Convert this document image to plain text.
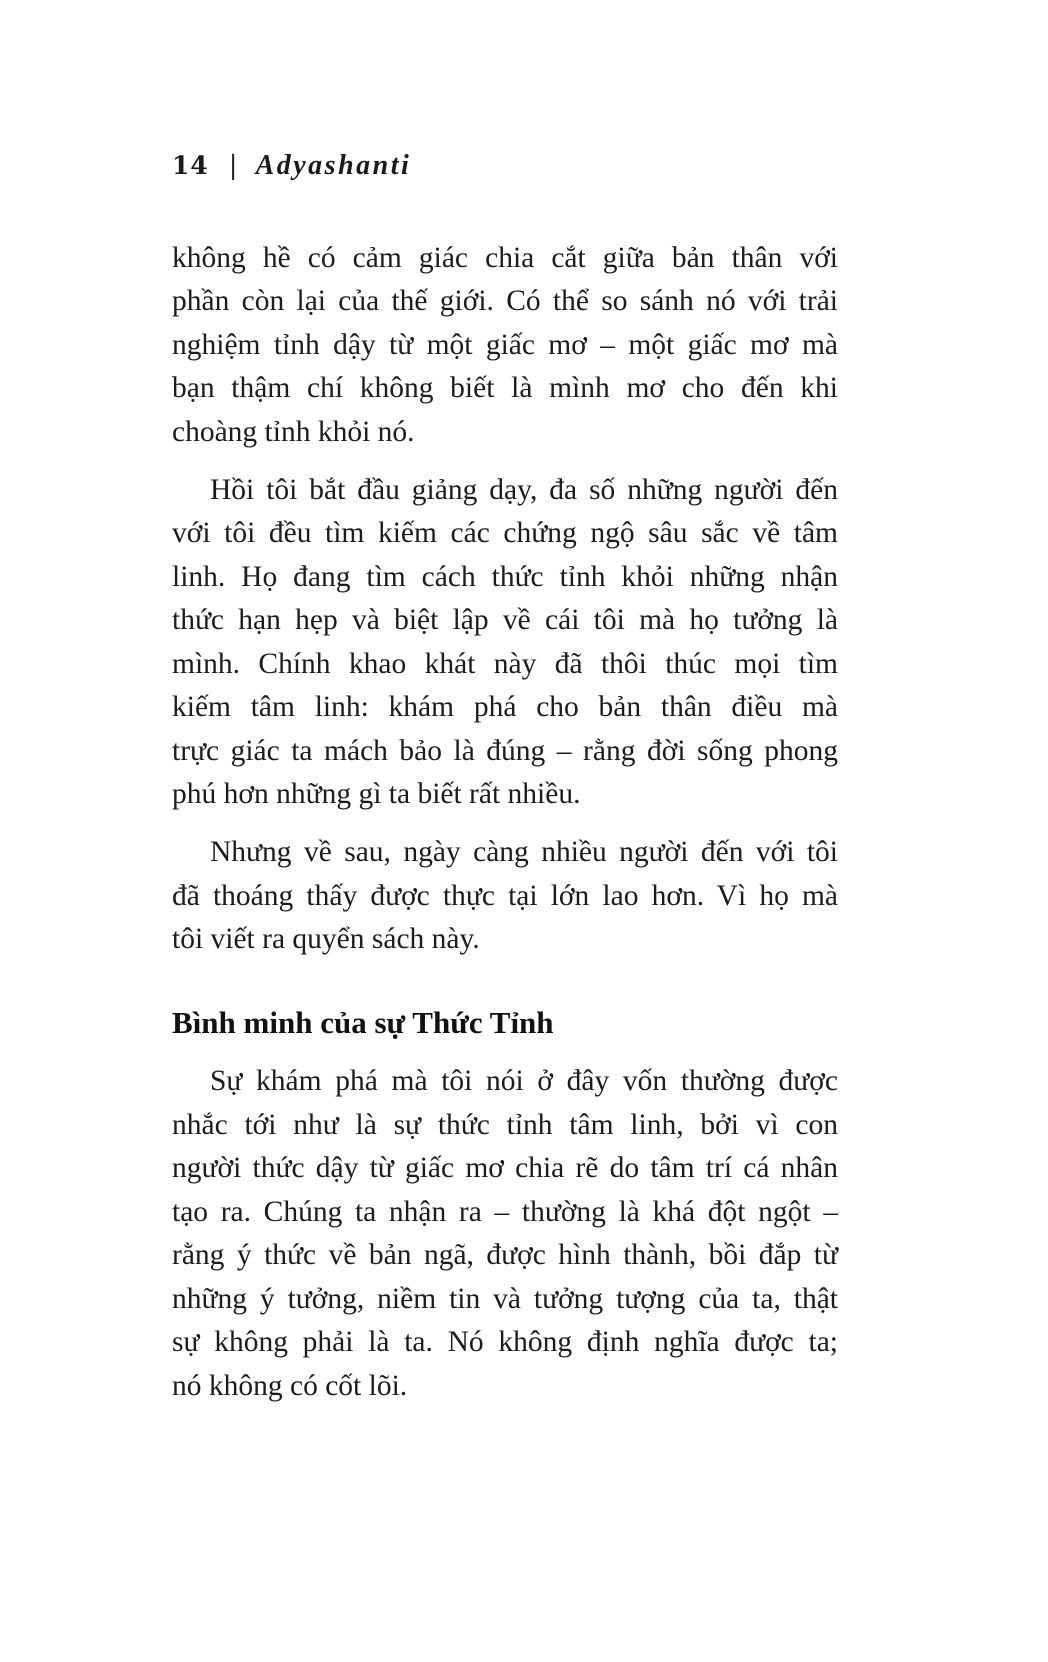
14 | Adyashanti
không hề có cảm giác chia cắt giữa bản thân với
phần còn lại của thế giới. Có thể so sánh nó với trải
nghiệm tỉnh dậy từ một giấc mơ – một giấc mơ mà
bạn thậm chí không biết là mình mơ cho đến khi
choàng tỉnh khỏi nó.
Hồi tôi bắt đầu giảng dạy, đa số những người đến
với tôi đều tìm kiếm các chứng ngộ sâu sắc về tâm
linh. Họ đang tìm cách thức tỉnh khỏi những nhận
thức hạn hẹp và biệt lập về cái tôi mà họ tưởng là
mình. Chính khao khát này đã thôi thúc mọi tìm
kiếm tâm linh: khám phá cho bản thân điều mà
trực giác ta mách bảo là đúng – rằng đời sống phong
phú hơn những gì ta biết rất nhiều.
Nhưng về sau, ngày càng nhiều người đến với tôi
đã thoáng thấy được thực tại lớn lao hơn. Vì họ mà
tôi viết ra quyển sách này.
Bình minh của sự Thức Tỉnh
Sự khám phá mà tôi nói ở đây vốn thường được
nhắc tới như là sự thức tỉnh tâm linh, bởi vì con
người thức dậy từ giấc mơ chia rẽ do tâm trí cá nhân
tạo ra. Chúng ta nhận ra – thường là khá đột ngột –
rằng ý thức về bản ngã, được hình thành, bồi đắp từ
những ý tưởng, niềm tin và tưởng tượng của ta, thật
sự không phải là ta. Nó không định nghĩa được ta;
nó không có cốt lõi.
